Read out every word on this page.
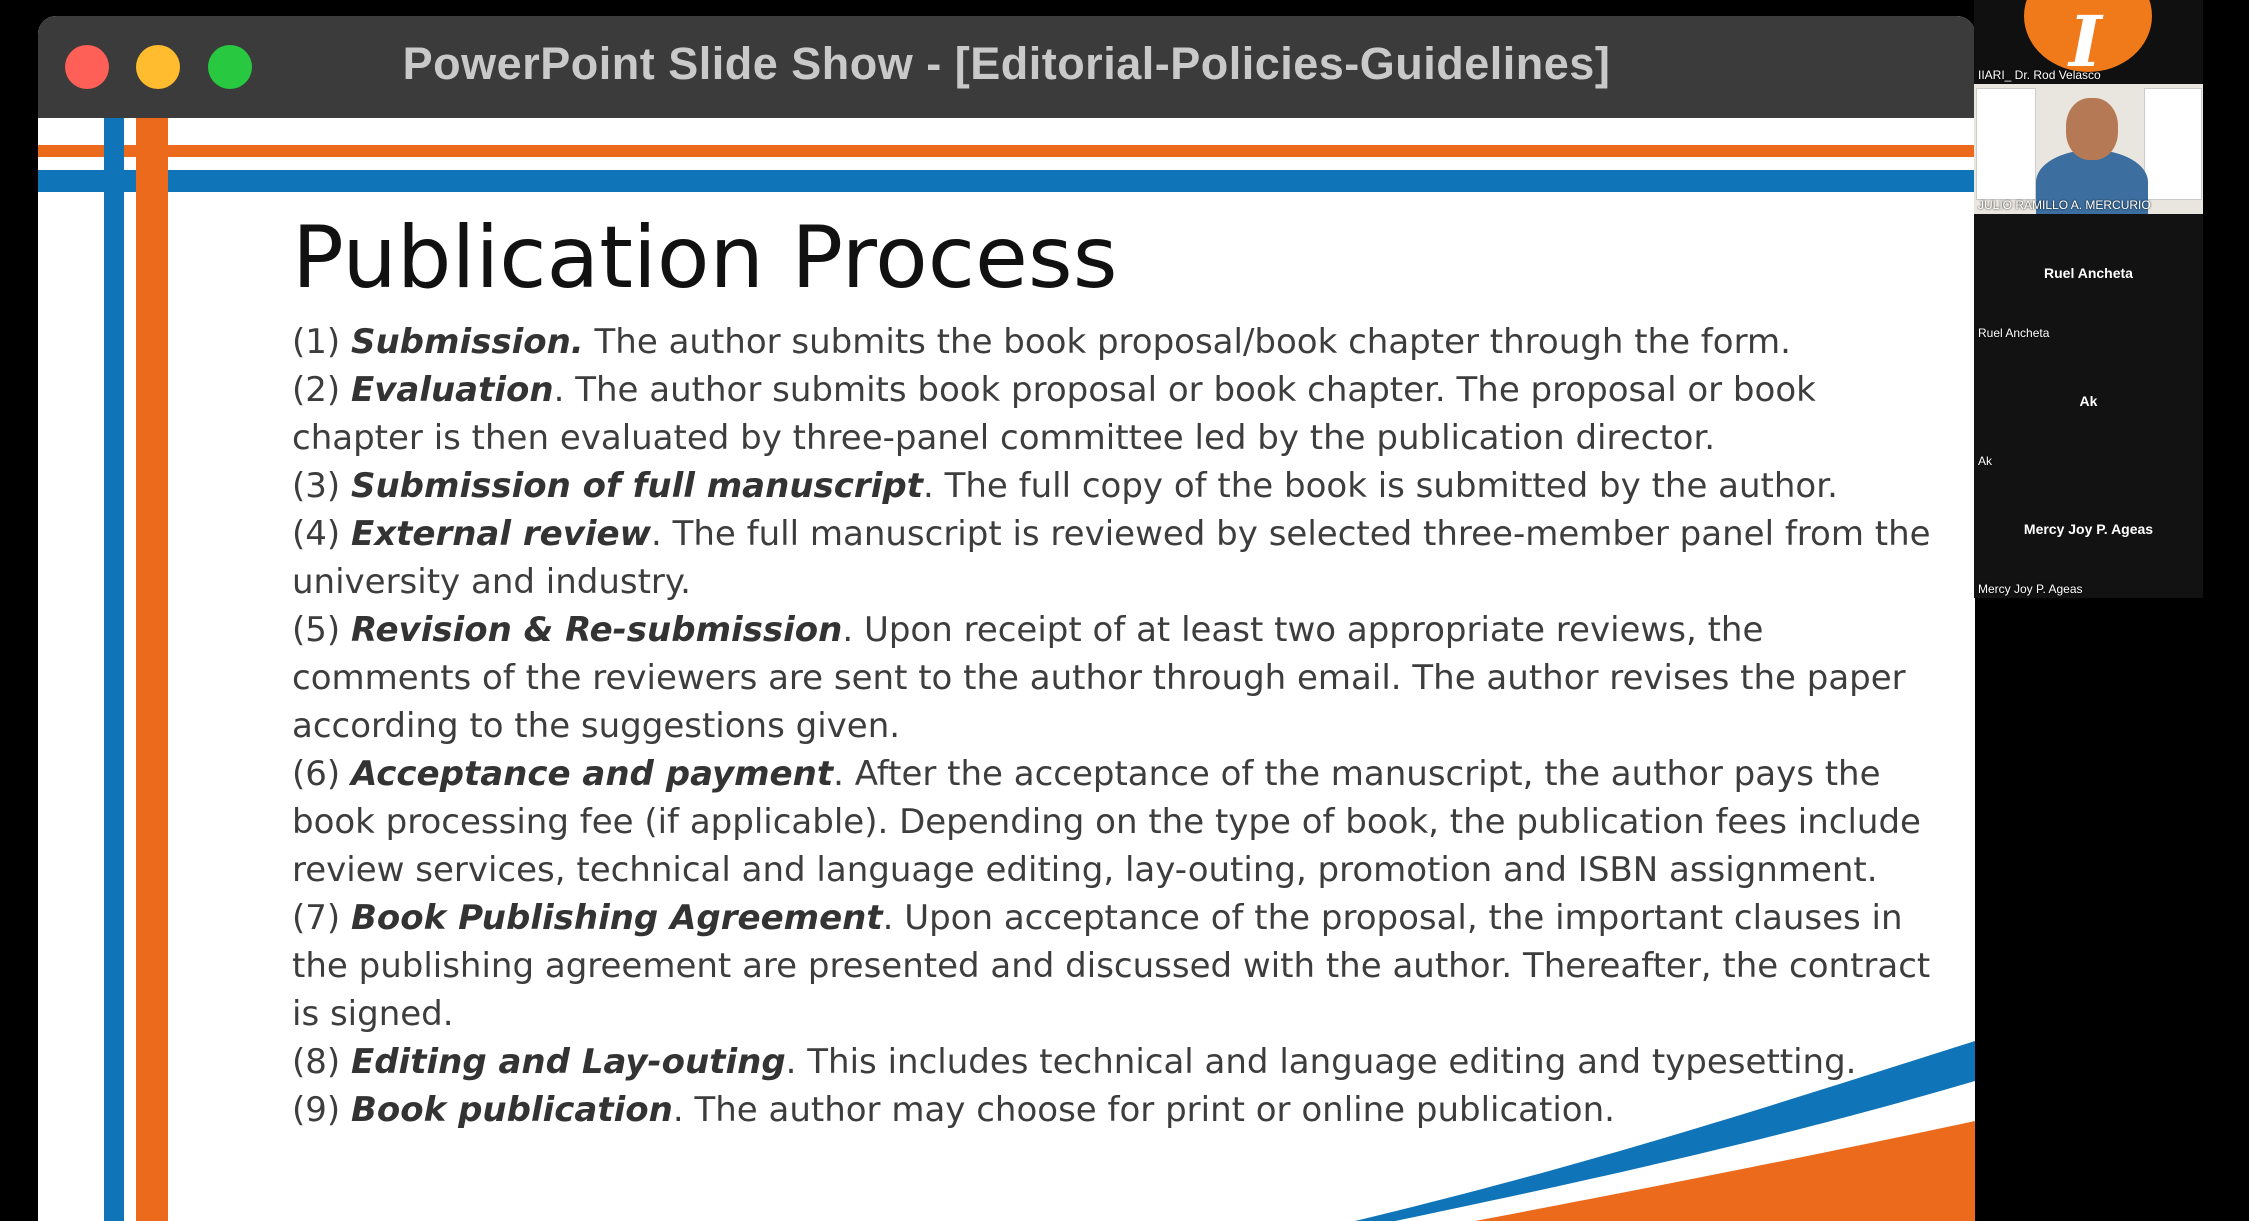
PowerPoint Slide Show - [Editorial-Policies-Guidelines]
Publication Process
(1) Submission. The author submits the book proposal/book chapter through the form.
(2) Evaluation. The author submits book proposal or book chapter. The proposal or book chapter is then evaluated by three-panel committee led by the publication director.
(3) Submission of full manuscript. The full copy of the book is submitted by the author.
(4) External review. The full manuscript is reviewed by selected three-member panel from the university and industry.
(5) Revision & Re-submission. Upon receipt of at least two appropriate reviews, the comments of the reviewers are sent to the author through email. The author revises the paper according to the suggestions given.
(6) Acceptance and payment. After the acceptance of the manuscript, the author pays the book processing fee (if applicable). Depending on the type of book, the publication fees include review services, technical and language editing, lay-outing, promotion and ISBN assignment.
(7) Book Publishing Agreement. Upon acceptance of the proposal, the important clauses in the publishing agreement are presented and discussed with the author. Thereafter, the contract is signed.
(8) Editing and Lay-outing. This includes technical and language editing and typesetting.
(9) Book publication. The author may choose for print or online publication.
I
IIARI_ Dr. Rod Velasco
JULIO RAMILLO A. MERCURIO
Ruel Ancheta
Ruel Ancheta
Ak
Ak
Mercy Joy P. Ageas
Mercy Joy P. Ageas
